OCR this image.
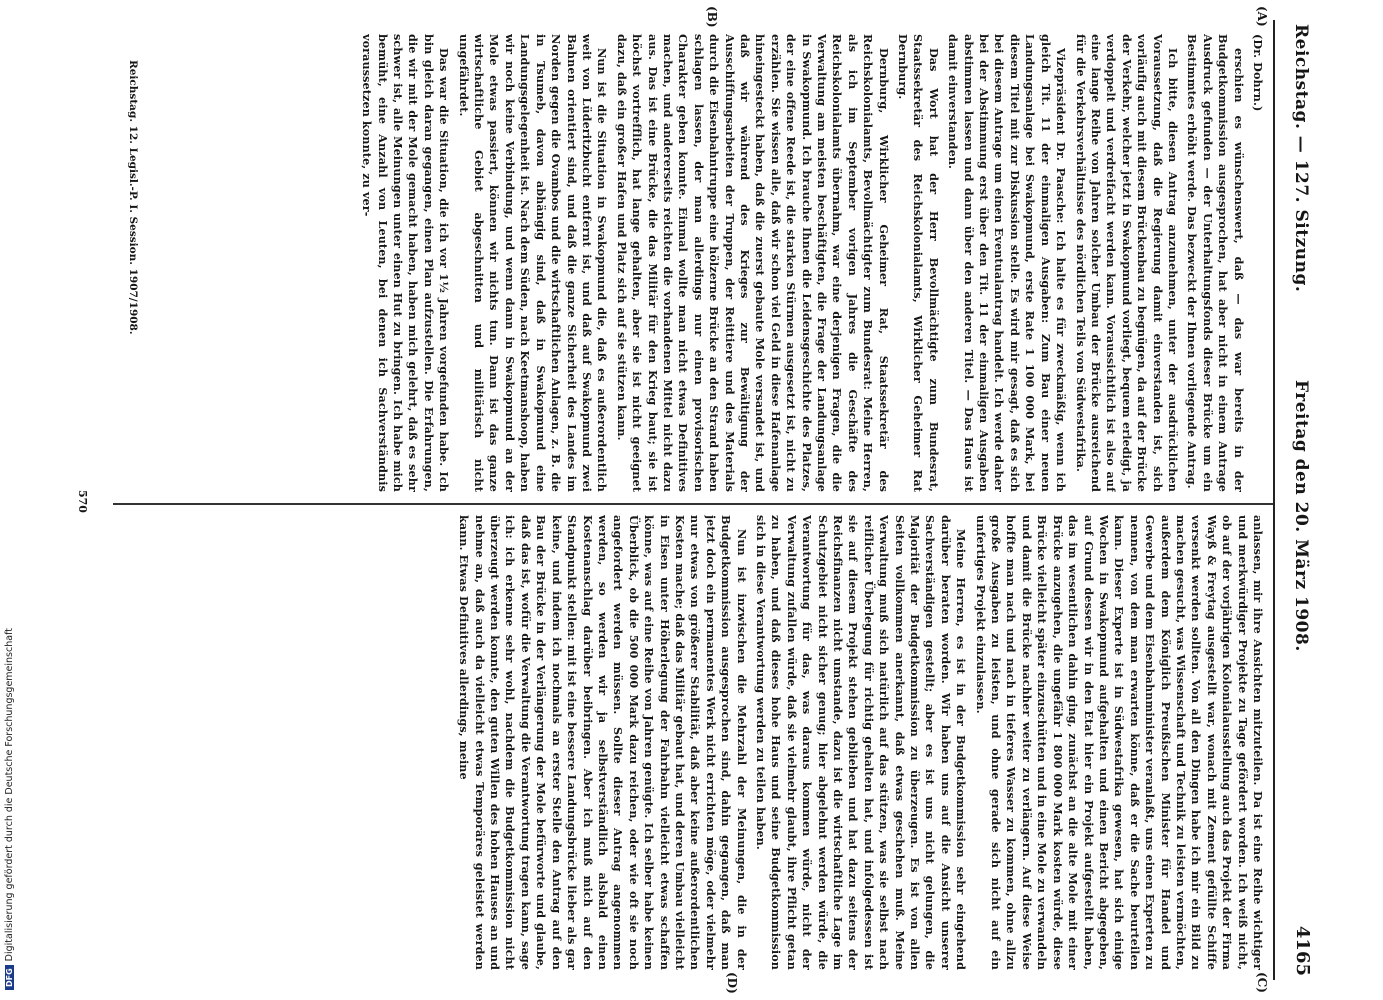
Reichstag. — 127. Sitzung.
Freitag den 20. März 1908.
4165
(A)
(B)
(C)
(D)

(Dr. Dohrn.)

erschien es wünschenswert, daß — das war bereits in der Budgetkommission ausgesprochen, hat aber nicht in einem Antrage Ausdruck gefunden — der Unterhaltungsfonds dieser Brücke um ein Bestimmtes erhöht werde. Das bezweckt der Ihnen vorliegende Antrag.

Ich bitte, diesen Antrag anzunehmen, unter der ausdrücklichen Voraussetzung, daß die Regierung damit einverstanden ist, sich vorläufig auch mit diesem Brückenbau zu begnügen, da auf der Brücke der Verkehr, welcher jetzt in Swakopmund vorliegt, bequem erledigt, ja verdoppelt und verdreifacht werden kann. Voraussichtlich ist also auf eine lange Reihe von Jahren solcher Umbau der Brücke ausreichend für die Verkehrsverhältnisse des nördlichen Teils von Südwestafrika.

Vizepräsident Dr. Paasche: Ich halte es für zweckmäßig, wenn ich gleich Tit. 11 der einmaligen Ausgaben: Zum Bau einer neuen Landungsanlage bei Swakopmund, erste Rate 1 100 000 Mark, bei diesem Titel mit zur Diskussion stelle. Es wird mir gesagt, daß es sich bei diesem Antrage um einen Eventualantrag handelt. Ich werde daher bei der Abstimmung erst über den Tit. 11 der einmaligen Ausgaben abstimmen lassen und dann über den anderen Titel. — Das Haus ist damit einverstanden.

Das Wort hat der Herr Bevollmächtigte zum Bundesrat, Staatssekretär des Reichskolonialamts, Wirklicher Geheimer Rat Dernburg.

Dernburg, Wirklicher Geheimer Rat, Staatssekretär des Reichskolonialamts, Bevollmächtigter zum Bundesrat: Meine Herren, als ich im September vorigen Jahres die Geschäfte des Reichskolonialamts übernahm, war eine derjenigen Fragen, die die Verwaltung am meisten beschäftigten, die Frage der Landungsanlage in Swakopmund. Ich brauche Ihnen die Leidensgeschichte des Platzes, der eine offene Reede ist, die starken Stürmen ausgesetzt ist, nicht zu erzählen. Sie wissen alle, daß wir schon viel Geld in diese Hafenanlage hineingesteckt haben, daß die zuerst gebaute Mole versandet ist, und daß wir während des Krieges zur Bewältigung der Ausschiffungsarbeiten der Truppen, der Reittiere und des Materials durch die Eisenbahntruppe eine hölzerne Brücke an den Strand haben schlagen lassen, der man allerdings nur einen provisorischen Charakter geben konnte. Einmal wollte man nicht etwas Definitives machen, und andererseits reichten die vorhandenen Mittel nicht dazu aus. Das ist eine Brücke, die das Militär für den Krieg baut; sie ist höchst vortrefflich, hat lange gehalten, aber sie ist nicht geeignet dazu, daß ein großer Hafen und Platz sich auf sie stützen kann.

Nun ist die Situation in Swakopmund die, daß es außerordentlich weit von Lüderitzbucht entfernt ist, und daß auf Swakopmund zwei Bahnen orientiert sind, und daß die ganze Sicherheit des Landes im Norden gegen die Ovambos und die wirtschaftlichen Anlagen, z. B. die in Tsumeb, davon abhängig sind, daß in Swakopmund eine Landungsgelegenheit ist. Nach dem Süden, nach Keetmanshoop, haben wir noch keine Verbindung, und wenn dann in Swakopmund an der Mole etwas passiert, können wir nichts tun. Dann ist das ganze wirtschaftliche Gebiet abgeschnitten und militärisch nicht ungefährdet.

Das war die Situation, die ich vor 1½ Jahren vorgefunden habe. Ich bin gleich daran gegangen, einen Plan aufzustellen. Die Erfahrungen, die wir mit der Mole gemacht haben, haben mich gelehrt, daß es sehr schwer ist, alle Meinungen unter einen Hut zu bringen. Ich habe mich bemüht, eine Anzahl von Leuten, bei denen ich Sachverständnis voraussetzen konnte, zu ver-

anlassen, mir ihre Ansichten mitzuteilen. Da ist eine Reihe wichtiger und merkwürdiger Projekte zu Tage gefördert worden. Ich weiß nicht, ob auf der vorjährigen Kolonialausstellung auch das Projekt der Firma Wayß & Freytag ausgestellt war, wonach mit Zement gefüllte Schiffe versenkt werden sollten. Von all den Dingen habe ich mir ein Bild zu machen gesucht, was Wissenschaft und Technik zu leisten vermöchten, außerdem dem Königlich Preußischen Minister für Handel und Gewerbe und dem Eisenbahnminister veranlaßt, uns einen Experten zu nennen, von dem man erwarten könne, daß er die Sache beurteilen kann. Dieser Experte ist in Südwestafrika gewesen, hat sich einige Wochen in Swakopmund aufgehalten und einen Bericht abgegeben, auf Grund dessen wir in den Etat hier ein Projekt aufgestellt haben, das im wesentlichen dahin ging, zunächst an die alte Mole mit einer Brücke anzugehen, die ungefähr 1 800 000 Mark kosten würde, diese Brücke vielleicht später einzuschütten und in eine Mole zu verwandeln und damit die Brücke nachher weiter zu verlängern. Auf diese Weise hoffte man nach und nach in tieferes Wasser zu kommen, ohne allzu große Ausgaben zu leisten, und ohne gerade sich nicht auf ein unfertiges Projekt einzulassen.

Meine Herren, es ist in der Budgetkommission sehr eingehend darüber beraten worden. Wir haben uns auf die Ansicht unserer Sachverständigen gestellt; aber es ist uns nicht gelungen, die Majorität der Budgetkommission zu überzeugen. Es ist von allen Seiten vollkommen anerkannt, daß etwas geschehen muß. Meine Verwaltung muß sich natürlich auf das stützen, was sie selbst nach reiflicher Überlegung für richtig gehalten hat, und infolgedessen ist sie auf diesem Projekt stehen geblieben und hat dazu seitens der Reichsfinanzen nicht umstande, dazu ist die wirtschaftliche Lage im Schutzgebiet nicht sicher genug; hier abgelehnt werden würde, die Verantwortung für das, was daraus kommen würde, nicht der Verwaltung zufallen würde, daß sie vielmehr glaubt, ihre Pflicht getan zu haben, und daß dieses hohe Haus und seine Budgetkommission sich in diese Verantwortung werden zu teilen haben.

Nun ist inzwischen die Mehrzahl der Meinungen, die in der Budgetkommission ausgesprochen sind, dahin gegangen, daß man jetzt doch ein permanentes Werk nicht errichten möge, oder vielmehr nur etwas von größerer Stabilität, daß aber keine außerordentlichen Kosten mache; daß das Militär gebaut hat, und deren Umbau vielleicht in Eisen unter Höherlegung der Fahrbahn vielleicht etwas schaffen könne, was auf eine Reihe von Jahren genügte. Ich selber habe keinen Überblick, ob die 500 000 Mark dazu reichen, oder wie oft sie noch angefordert werden müssen. Sollte dieser Antrag angenommen werden, so werden wir ja selbstverständlich alsbald einen Kostenanschlag darüber beibringen. Aber ich muß mich auf den Standpunkt stellen: mit ist eine bessere Landungsbrücke lieber als gar keine, und indem ich nochmals an erster Stelle den Antrag auf den Bau der Brücke in der Verlängerung der Mole befürworte und glaube, daß das ist, wofür die Verwaltung die Verantwortung tragen kann, sage ich: ich erkenne sehr wohl, nachdem die Budgetkommission nicht überzeugt werden konnte, den guten Willen des hohen Hauses an und nehme an, daß auch da vielleicht etwas Temporäres geleistet werden kann. Etwas Definitives allerdings, meine

Reichstag. 12. Legisl.-P. I. Session. 1907/1908.
570
DFGDigitalisierung gefördert durch die Deutsche Forschungsgemeinschaft
